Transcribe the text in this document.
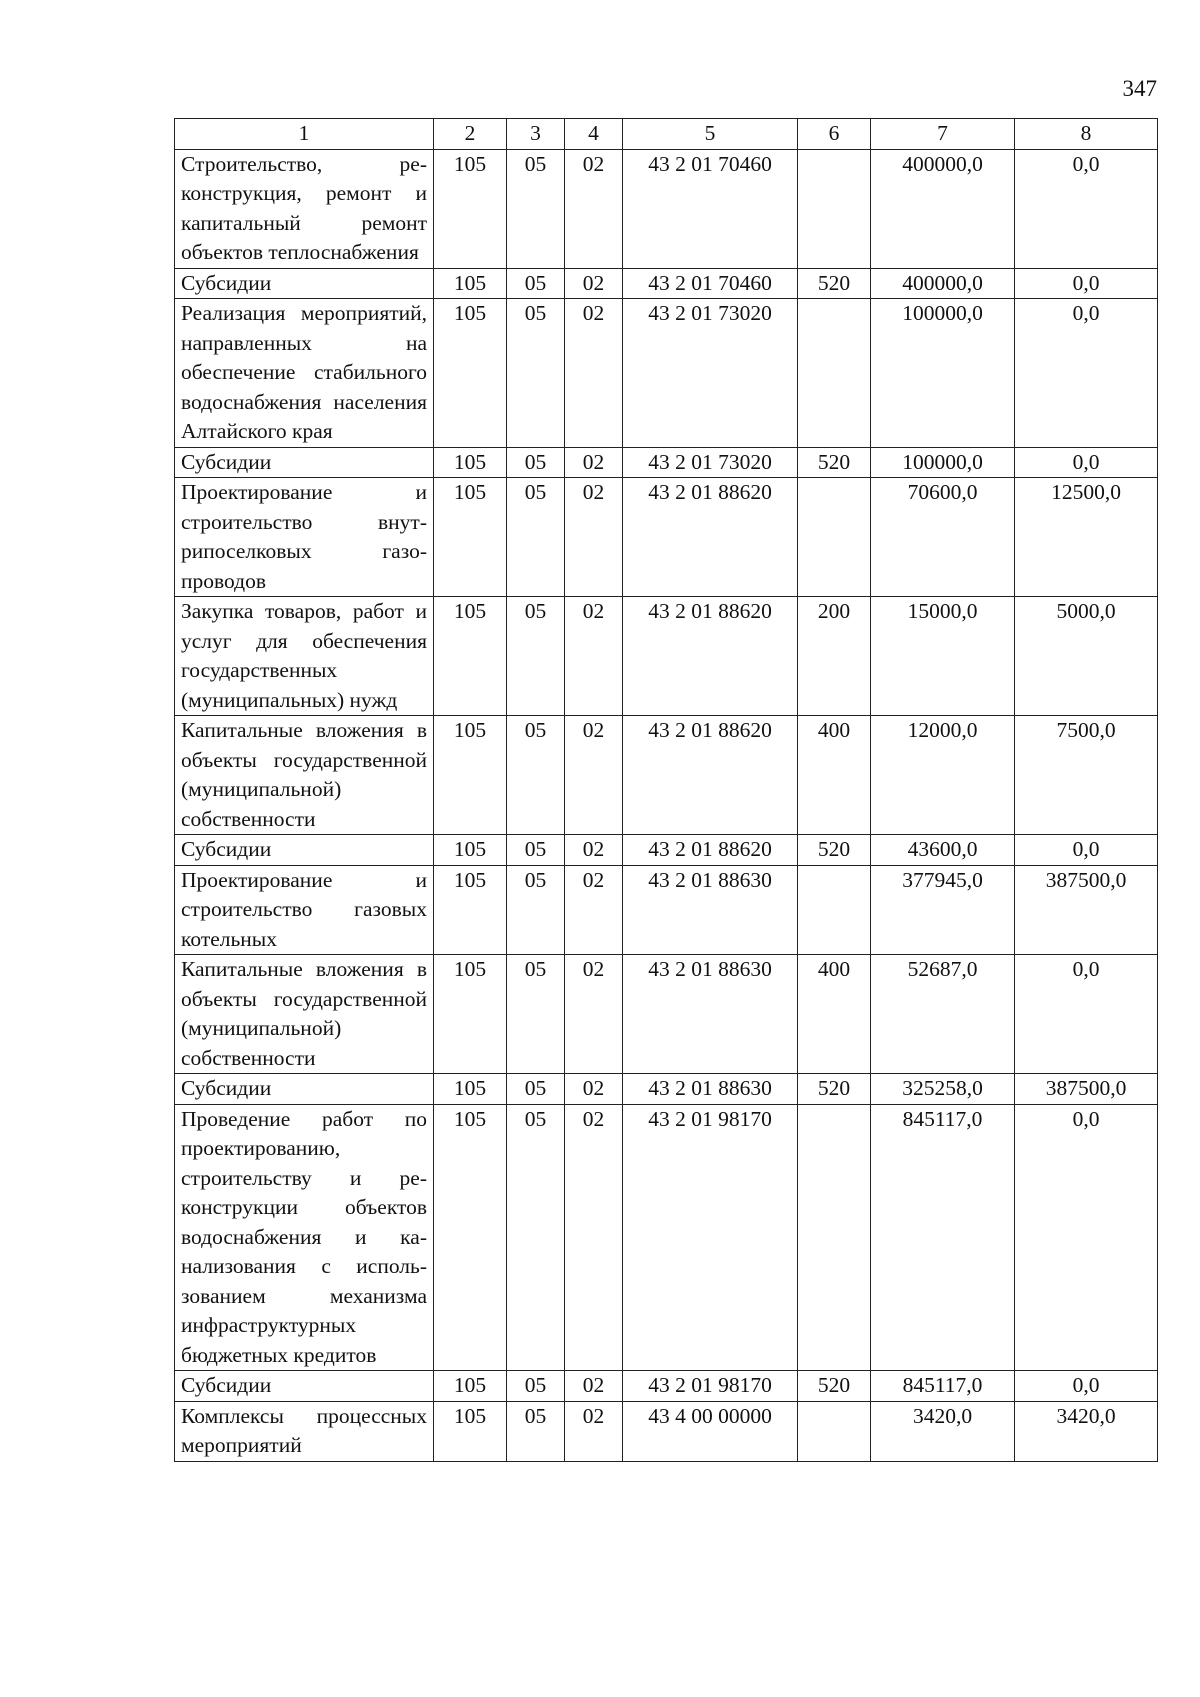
347
1	2	3	4	5	6	7	8
Строительство, реконструкция, ремонт и капитальный ремонт объектов теплоснабжения	105	05	02	43 2 01 70460		400000,0	0,0
Субсидии	105	05	02	43 2 01 70460	520	400000,0	0,0
Реализация мероприятий, направленных на обеспечение стабильного водоснабжения населения Алтайского края	105	05	02	43 2 01 73020		100000,0	0,0
Субсидии	105	05	02	43 2 01 73020	520	100000,0	0,0
Проектирование и строительство внутрипоселковых газопроводов	105	05	02	43 2 01 88620		70600,0	12500,0
Закупка товаров, работ и услуг для обеспечения государственных (муниципальных) нужд	105	05	02	43 2 01 88620	200	15000,0	5000,0
Капитальные вложения в объекты государственной (муниципальной) собственности	105	05	02	43 2 01 88620	400	12000,0	7500,0
Субсидии	105	05	02	43 2 01 88620	520	43600,0	0,0
Проектирование и строительство газовых котельных	105	05	02	43 2 01 88630		377945,0	387500,0
Капитальные вложения в объекты государственной (муниципальной) собственности	105	05	02	43 2 01 88630	400	52687,0	0,0
Субсидии	105	05	02	43 2 01 88630	520	325258,0	387500,0
Проведение работ по проектированию, строительству и реконструкции объектов водоснабжения и канализования с использованием механизма инфраструктурных бюджетных кредитов	105	05	02	43 2 01 98170		845117,0	0,0
Субсидии	105	05	02	43 2 01 98170	520	845117,0	0,0
Комплексы процессных мероприятий	105	05	02	43 4 00 00000		3420,0	3420,0
